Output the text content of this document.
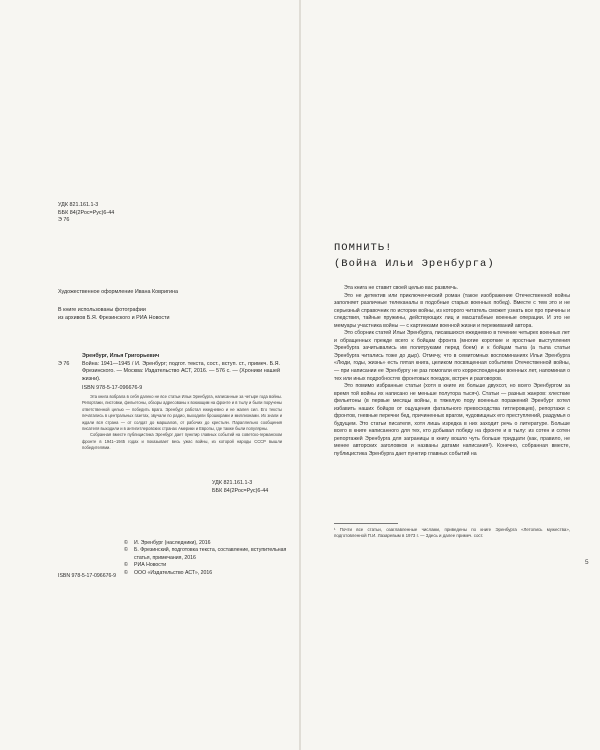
УДК 821.161.1-3
ББК 84(2Рос=Рус)6-44
Э 76
Художественное оформление Ивана Ковригина
В книге использованы фотографии
из архивов Б.Я. Фрезинского и РИА Новости
Эренбург, Илья Григорьевич
Э 76	Война: 1941—1945 / И. Эренбург; подгот. текста, сост., вступ. ст., примеч. Б.Я. Фрезинского. — Москва: Издательство АСТ, 2016. — 576 с. — (Хроники нашей жизни).
ISBN 978-5-17-096676-9

Эта книга вобрала в себя далеко не все статьи Ильи Эренбурга, написанные за четыре года войны. Репортажи, листовки, фельетоны, обзоры адресованы к воюющим на фронте и в тылу и были поручены ответственной целью — победить врага. Эренбург работал ежедневно и не жалея сил. Его тексты печатались в центральных газетах, звучали по радио, выходили брошюрами и миллионами. Их знали и ждали вся страна — от солдат до маршалов, от рабочих до крестьян. Параллельно сообщения писателя выходили и в антигитлеровских странах Америки и Европы, где также были популярны.

Собранная вместе публицистика Эренбург дает пунктир главных событий на советско-германском фронте в 1941–1945 годах и показывает весь ужас войны, из которой народы СССР вышли победителями.

УДК 821.161.1-3
ББК 84(2Рос=Рус)6-44
©	И. Эренбург (наследники), 2016
©	Б. Фрезинский, подготовка текста, составление, вступительная статья, примечания, 2016
©	РИА Новости
©	ООО «Издательство АСТ», 2016
ISBN 978-5-17-096676-9
ПОМНИТЬ!
(Война Ильи Эренбурга)

Эта книга не ставит своей целью вас развлечь.

Это не детектив или приключенческий роман (такое изображение Отечественной войны заполняет различные телеканалы в подобные старых военных побед). Вместе с тем это и не серьезный справочник по истории войны, из которого читатель сможет узнать все про причины и следствия, тайные пружины, действующих лиц и масштабные военные операции. И это не мемуары участника войны — с картинками военной жизни и переживаний автора.

Это сборник статей Ильи Эренбурга, писавшихся ежедневно в течение четырех военных лет и обращенных прежде всего к бойцам фронта (многие короткие и яростные выступления Эренбурга зачитывались им политруками перед боем) и к бойцам тыла (а тыла статьи Эренбурга читались тоже до дыр). Отмечу, что в семитомных воспоминаниях Ильи Эренбурга «Люди, годы, жизнь» есть пятая книга, целиком посвященная событиям Отечественной войны, — при написании ее Эренбургу не раз помогали его корреспонденции военных лет, напоминая о тех или иных подробностях фронтовых поездок, встреч и разговоров.

Это помимо избранные статьи (хотя в книге их больше двухсот, но всего Эренбургом за время той войны их написано не меньше полутора тысяч). Статьи — разных жанров: хлесткие фельетоны (в первые месяцы войны, в тяжелую пору военных поражений Эренбург хотел избавить наших бойцов от ощущения фатального превосходства гитлеровцев), репортажи с фронтов, гневные перечни бед, причиненных врагом, чудовищных его преступлений, раздумья о будущем. Это статьи писателя, хотя лишь изредка в них заходит речь о литературе. Больше всего в книге написанного для тех, кто добывал победу на фронте и в тылу: из сотен и сотен репортажей Эренбурга для заграницы в книгу вошло чуть больше тридцати (как, правило, не менее авторских заголовков и названы датами написания¹). Конечно, собранная вместе, публицистика Эренбурга дает пунктир главных событий на

¹ Почти все статьи, озаглавленные числами, приведены по книге Эренбурга «Летопись мужества», подготовленной П.И. Лазаревым в 1973 г. — Здесь и далее примеч. сост.

5
